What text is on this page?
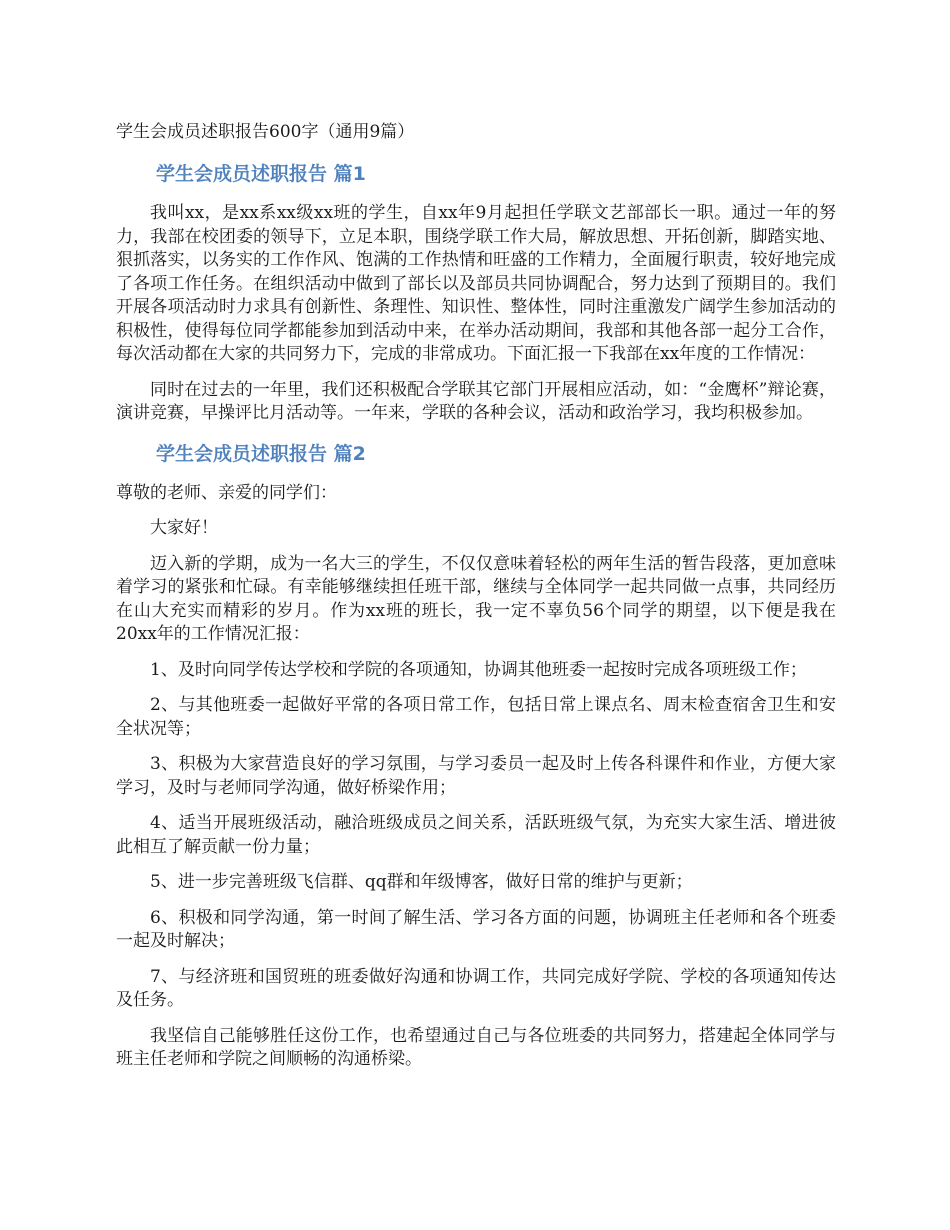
学生会成员述职报告600字（通用9篇）
学生会成员述职报告 篇1

我叫xx，是xx系xx级xx班的学生，自xx年9月起担任学联文艺部部长一职。通过一年的努力，我部在校团委的领导下，立足本职，围绕学联工作大局，解放思想、开拓创新，脚踏实地、狠抓落实，以务实的工作作风、饱满的工作热情和旺盛的工作精力，全面履行职责，较好地完成了各项工作任务。在组织活动中做到了部长以及部员共同协调配合，努力达到了预期目的。我们开展各项活动时力求具有创新性、条理性、知识性、整体性，同时注重激发广阔学生参加活动的积极性，使得每位同学都能参加到活动中来，在举办活动期间，我部和其他各部一起分工合作，每次活动都在大家的共同努力下，完成的非常成功。下面汇报一下我部在xx年度的工作情况：

同时在过去的一年里，我们还积极配合学联其它部门开展相应活动，如：“金鹰杯”辩论赛，演讲竞赛，早操评比月活动等。一年来，学联的各种会议，活动和政治学习，我均积极参加。

学生会成员述职报告 篇2

尊敬的老师、亲爱的同学们：

大家好！

迈入新的学期，成为一名大三的学生，不仅仅意味着轻松的两年生活的暂告段落，更加意味着学习的紧张和忙碌。有幸能够继续担任班干部，继续与全体同学一起共同做一点事，共同经历在山大充实而精彩的岁月。作为xx班的班长，我一定不辜负56个同学的期望，以下便是我在20xx年的工作情况汇报：

1、及时向同学传达学校和学院的各项通知，协调其他班委一起按时完成各项班级工作；

2、与其他班委一起做好平常的各项日常工作，包括日常上课点名、周末检查宿舍卫生和安全状况等；

3、积极为大家营造良好的学习氛围，与学习委员一起及时上传各科课件和作业，方便大家学习，及时与老师同学沟通，做好桥梁作用；

4、适当开展班级活动，融洽班级成员之间关系，活跃班级气氛，为充实大家生活、增进彼此相互了解贡献一份力量；

5、进一步完善班级飞信群、qq群和年级博客，做好日常的维护与更新；

6、积极和同学沟通，第一时间了解生活、学习各方面的问题，协调班主任老师和各个班委一起及时解决；

7、与经济班和国贸班的班委做好沟通和协调工作，共同完成好学院、学校的各项通知传达及任务。

我坚信自己能够胜任这份工作，也希望通过自己与各位班委的共同努力，搭建起全体同学与班主任老师和学院之间顺畅的沟通桥梁。
